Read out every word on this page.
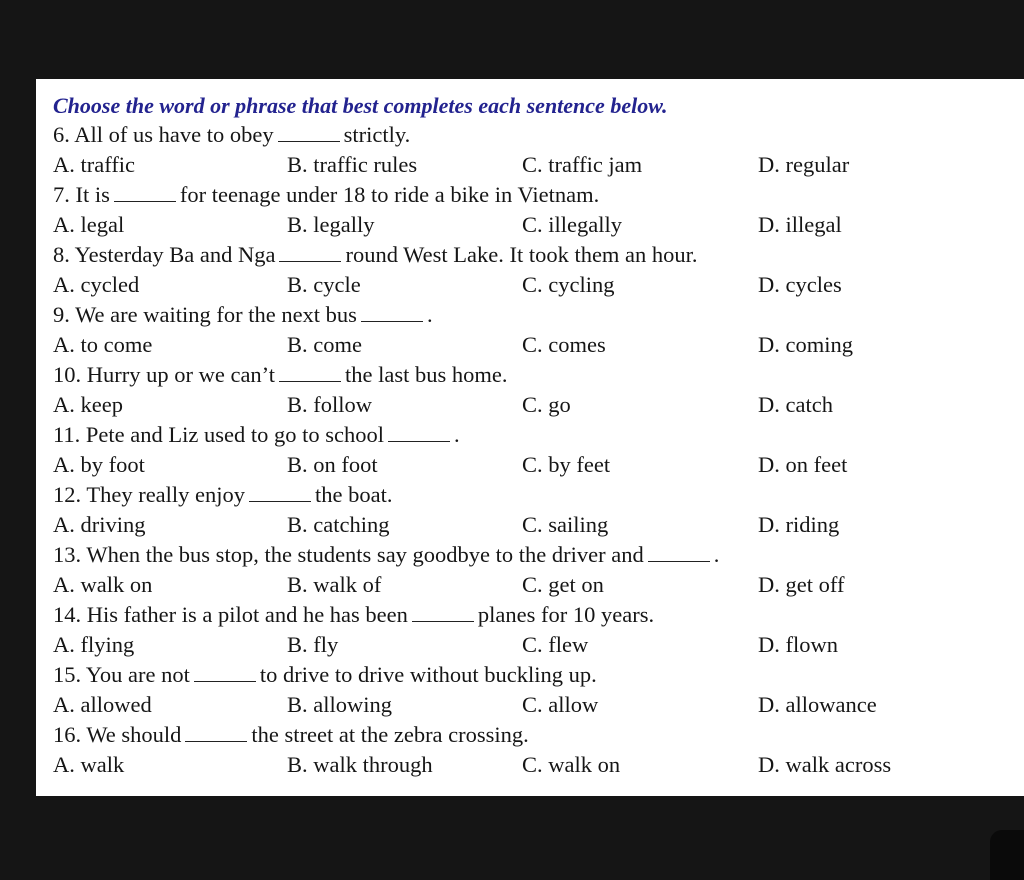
Choose the word or phrase that best completes each sentence below.
6. All of us have to obey	strictly.
A. traffic	B. traffic rules	C. traffic jam	D. regular
7. It is	for teenage under 18 to ride a bike in Vietnam.
A. legal	B. legally	C. illegally	D. illegal
8. Yesterday Ba and Nga	round West Lake. It took them an hour.
A. cycled	B. cycle	C. cycling	D. cycles
9. We are waiting for the next bus	.
A. to come	B. come	C. comes	D. coming
10. Hurry up or we can’t	the last bus home.
A. keep	B. follow	C. go	D. catch
11. Pete and Liz used to go to school	.
A. by foot	B. on foot	C. by feet	D. on feet
12. They really enjoy	the boat.
A. driving	B. catching	C. sailing	D. riding
13. When the bus stop, the students say goodbye to the driver and	.
A. walk on	B. walk of	C. get on	D. get off
14. His father is a pilot and he has been	planes for 10 years.
A. flying	B. fly	C. flew	D. flown
15. You are not	to drive to drive without buckling up.
A. allowed	B. allowing	C. allow	D. allowance
16. We should	the street at the zebra crossing.
A. walk	B. walk through	C. walk on	D. walk across
